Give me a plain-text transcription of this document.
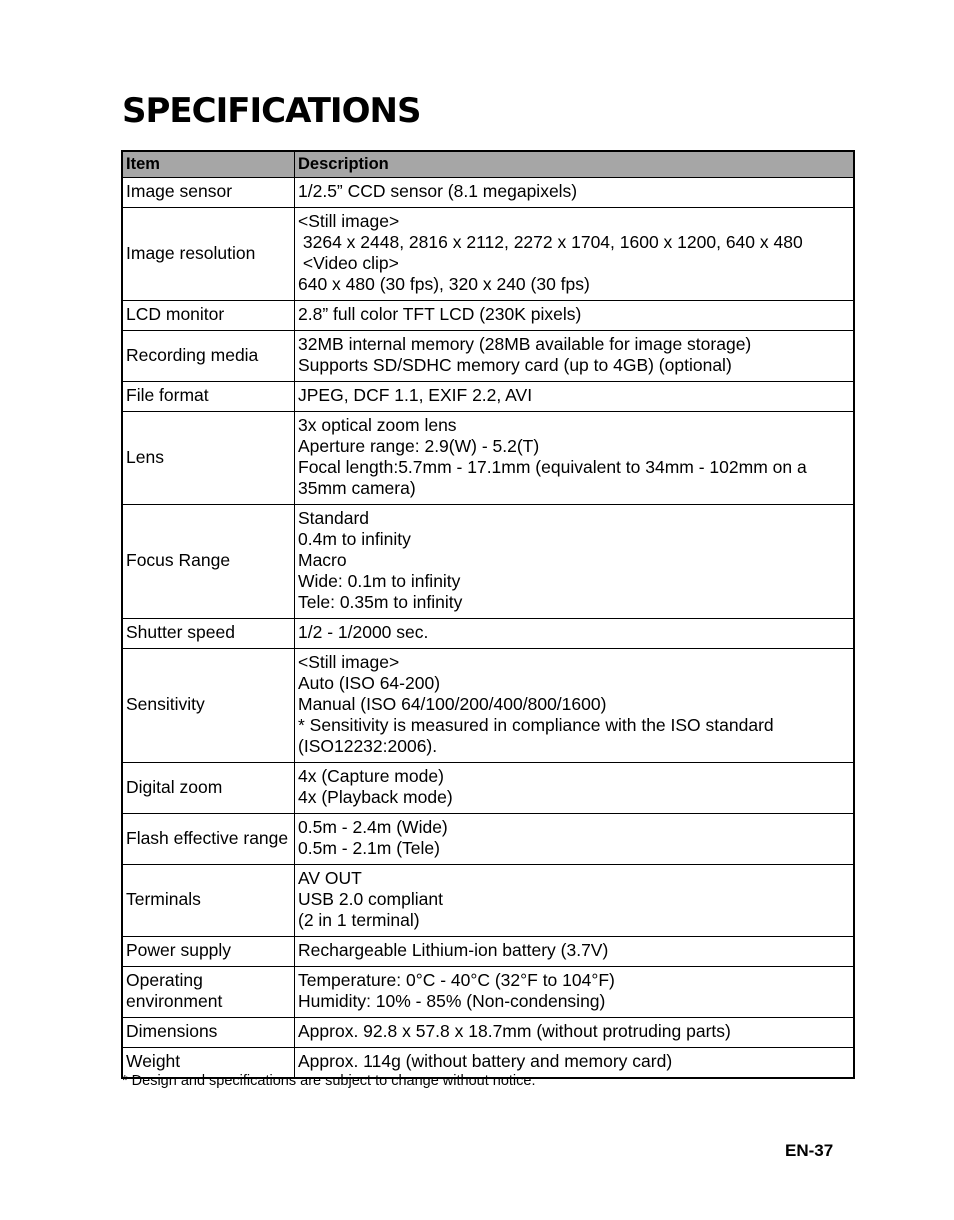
SPECIFICATIONS
Item	Description
Image sensor	1/2.5” CCD sensor (8.1 megapixels)

Image resolution	<Still image>
3264 x 2448, 2816 x 2112, 2272 x 1704, 1600 x 1200, 640 x 480
<Video clip>
640 x 480 (30 fps), 320 x 240 (30 fps)

LCD monitor	2.8” full color TFT LCD (230K pixels)

Recording media	32MB internal memory (28MB available for image storage)
Supports SD/SDHC memory card (up to 4GB) (optional)

File format	JPEG, DCF 1.1, EXIF 2.2, AVI

Lens	3x optical zoom lens
Aperture range: 2.9(W) - 5.2(T)
Focal length:5.7mm - 17.1mm (equivalent to 34mm - 102mm on a 35mm camera)

Focus Range	Standard
0.4m to infinity
Macro
Wide: 0.1m to infinity
Tele: 0.35m to infinity

Shutter speed	1/2 - 1/2000 sec.

Sensitivity	<Still image>
Auto (ISO 64-200)
Manual (ISO 64/100/200/400/800/1600)
* Sensitivity is measured in compliance with the ISO standard (ISO12232:2006).

Digital zoom	4x (Capture mode)
4x (Playback mode)

Flash effective range	0.5m - 2.4m (Wide)
0.5m - 2.1m (Tele)

Terminals	AV OUT
USB 2.0 compliant
(2 in 1 terminal)

Power supply	Rechargeable Lithium-ion battery (3.7V)

Operating environment	Temperature: 0°C - 40°C (32°F to 104°F)
Humidity: 10% - 85% (Non-condensing)

Dimensions	Approx. 92.8 x 57.8 x 18.7mm (without protruding parts)

Weight	Approx. 114g (without battery and memory card)
* Design and specifications are subject to change without notice.
EN-37
